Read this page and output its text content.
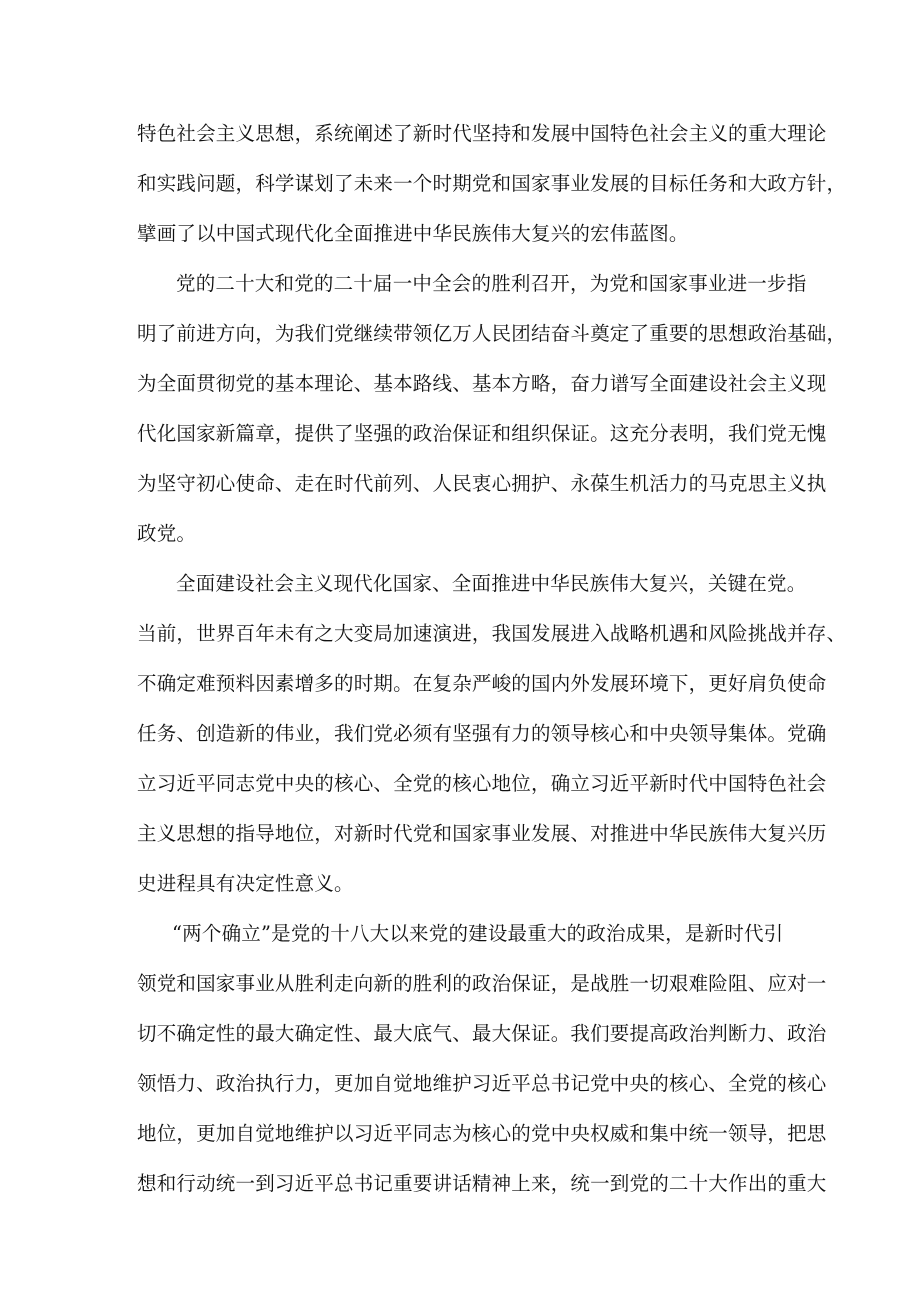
特色社会主义思想，系统阐述了新时代坚持和发展中国特色社会主义的重大理论
和实践问题，科学谋划了未来一个时期党和国家事业发展的目标任务和大政方针，
擘画了以中国式现代化全面推进中华民族伟大复兴的宏伟蓝图。
党的二十大和党的二十届一中全会的胜利召开，为党和国家事业进一步指
明了前进方向，为我们党继续带领亿万人民团结奋斗奠定了重要的思想政治基础，
为全面贯彻党的基本理论、基本路线、基本方略，奋力谱写全面建设社会主义现
代化国家新篇章，提供了坚强的政治保证和组织保证。这充分表明，我们党无愧
为坚守初心使命、走在时代前列、人民衷心拥护、永葆生机活力的马克思主义执
政党。
全面建设社会主义现代化国家、全面推进中华民族伟大复兴，关键在党。
当前，世界百年未有之大变局加速演进，我国发展进入战略机遇和风险挑战并存、
不确定难预料因素增多的时期。在复杂严峻的国内外发展环境下，更好肩负使命
任务、创造新的伟业，我们党必须有坚强有力的领导核心和中央领导集体。党确
立习近平同志党中央的核心、全党的核心地位，确立习近平新时代中国特色社会
主义思想的指导地位，对新时代党和国家事业发展、对推进中华民族伟大复兴历
史进程具有决定性意义。
“两个确立”是党的十八大以来党的建设最重大的政治成果，是新时代引
领党和国家事业从胜利走向新的胜利的政治保证，是战胜一切艰难险阻、应对一
切不确定性的最大确定性、最大底气、最大保证。我们要提高政治判断力、政治
领悟力、政治执行力，更加自觉地维护习近平总书记党中央的核心、全党的核心
地位，更加自觉地维护以习近平同志为核心的党中央权威和集中统一领导，把思
想和行动统一到习近平总书记重要讲话精神上来，统一到党的二十大作出的重大
